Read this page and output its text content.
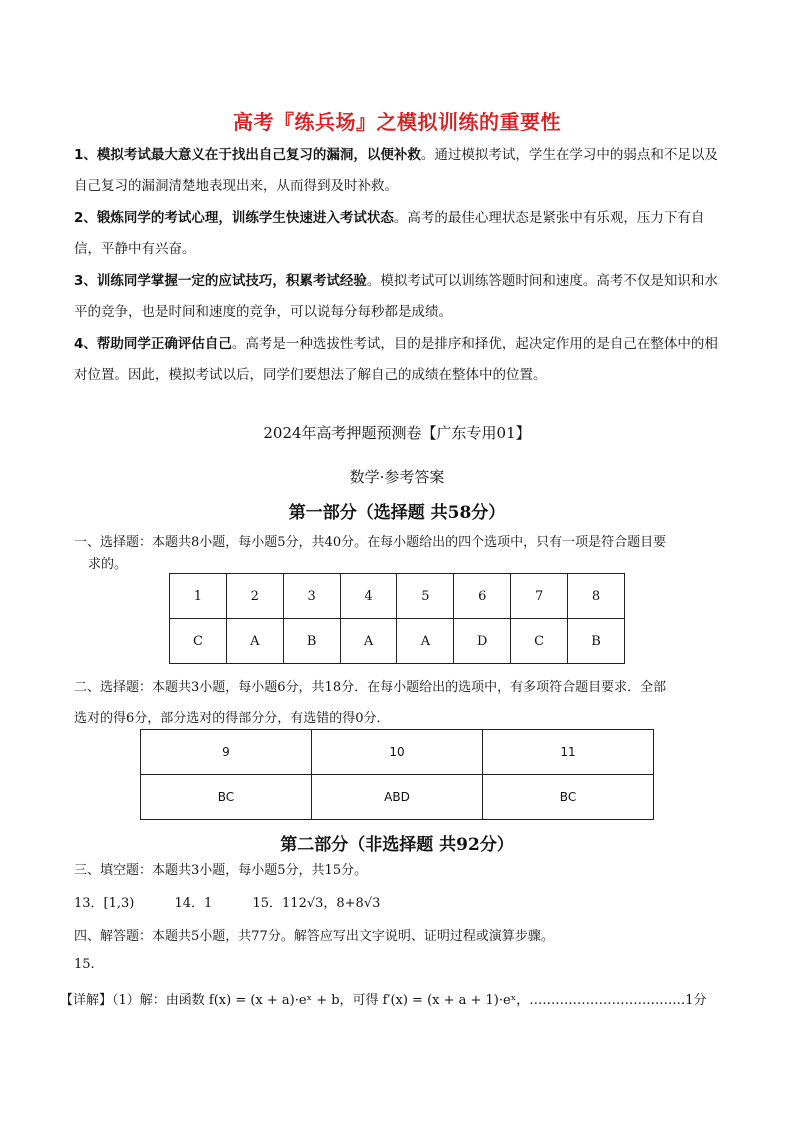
高考『练兵场』之模拟训练的重要性
1、模拟考试最大意义在于找出自己复习的漏洞，以便补救。通过模拟考试，学生在学习中的弱点和不足以及自己复习的漏洞清楚地表现出来，从而得到及时补救。
2、锻炼同学的考试心理，训练学生快速进入考试状态。高考的最佳心理状态是紧张中有乐观，压力下有自信，平静中有兴奋。
3、训练同学掌握一定的应试技巧，积累考试经验。模拟考试可以训练答题时间和速度。高考不仅是知识和水平的竞争，也是时间和速度的竞争，可以说每分每秒都是成绩。
4、帮助同学正确评估自己。高考是一种选拔性考试，目的是排序和择优，起决定作用的是自己在整体中的相对位置。因此，模拟考试以后，同学们要想法了解自己的成绩在整体中的位置。
2024年高考押题预测卷【广东专用01】
数学·参考答案
第一部分（选择题 共58分）
一、选择题：本题共8小题，每小题5分，共40分。在每小题给出的四个选项中，只有一项是符合题目要
求的。
1	2	3	4	5	6	7	8
C	A	B	A	A	D	C	B
二、选择题：本题共3小题，每小题6分，共18分．在每小题给出的选项中，有多项符合题目要求．全部
选对的得6分，部分选对的得部分分，有选错的得0分．
9	10	11
BC	ABD	BC
第二部分（非选择题 共92分）
三、填空题：本题共3小题，每小题5分，共15分。
13．[1,3)	14．1	15．112√3，8+8√3
四、解答题：本题共5小题，共77分。解答应写出文字说明、证明过程或演算步骤。
15.
【详解】（1）解：由函数 f(x) = (x + a)·eˣ + b，可得 f′(x) = (x + a + 1)·eˣ，………………………………1分
